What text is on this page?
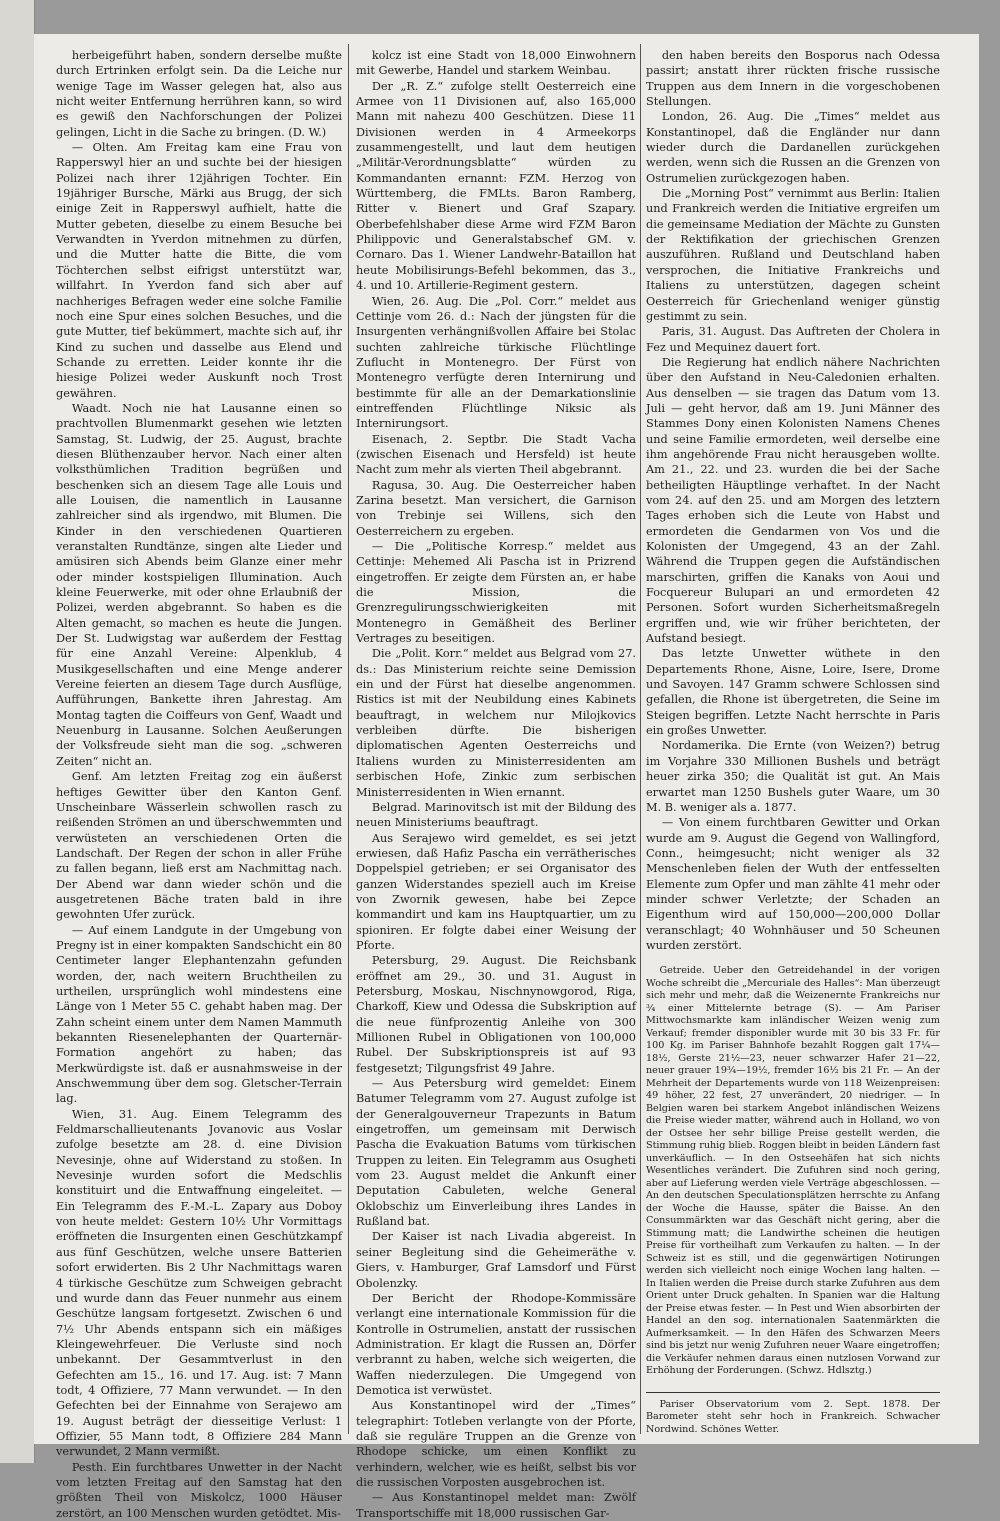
herbeigeführt haben, sondern derselbe mußte durch Ertrinken erfolgt sein. Da die Leiche nur wenige Tage im Wasser gelegen hat, also aus nicht weiter Entfernung herrühren kann, so wird es gewiß den Nachforschungen der Polizei gelingen, Licht in die Sache zu bringen. (D. W.)

— Olten. Am Freitag kam eine Frau von Rapperswyl hier an und suchte bei der hiesigen Polizei nach ihrer 12jährigen Tochter. Ein 19jähriger Bursche, Märki aus Brugg, der sich einige Zeit in Rapperswyl aufhielt, hatte die Mutter gebeten, dieselbe zu einem Besuche bei Verwandten in Yverdon mitnehmen zu dürfen, und die Mutter hatte die Bitte, die vom Töchterchen selbst eifrigst unterstützt war, willfahrt. In Yverdon fand sich aber auf nachheriges Befragen weder eine solche Familie noch eine Spur eines solchen Besuches, und die gute Mutter, tief bekümmert, machte sich auf, ihr Kind zu suchen und dasselbe aus Elend und Schande zu erretten. Leider konnte ihr die hiesige Polizei weder Auskunft noch Trost gewähren.

Waadt. Noch nie hat Lausanne einen so prachtvollen Blumenmarkt gesehen wie letzten Samstag, St. Ludwig, der 25. August, brachte diesen Blüthenzauber hervor. Nach einer alten volksthümlichen Tradition begrüßen und beschenken sich an diesem Tage alle Louis und alle Louisen, die namentlich in Lausanne zahlreicher sind als irgendwo, mit Blumen. Die Kinder in den verschiedenen Quartieren veranstalten Rundtänze, singen alte Lieder und amüsiren sich Abends beim Glanze einer mehr oder minder kostspieligen Illumination. Auch kleine Feuerwerke, mit oder ohne Erlaubniß der Polizei, werden abgebrannt. So haben es die Alten gemacht, so machen es heute die Jungen. Der St. Ludwigstag war außerdem der Festtag für eine Anzahl Vereine: Alpenklub, 4 Musikgesellschaften und eine Menge anderer Vereine feierten an diesem Tage durch Ausflüge, Aufführungen, Bankette ihren Jahrestag. Am Montag tagten die Coiffeurs von Genf, Waadt und Neuenburg in Lausanne. Solchen Aeußerungen der Volksfreude sieht man die sog. „schweren Zeiten“ nicht an.

Genf. Am letzten Freitag zog ein äußerst heftiges Gewitter über den Kanton Genf. Unscheinbare Wässerlein schwollen rasch zu reißenden Strömen an und überschwemmten und verwüsteten an verschiedenen Orten die Landschaft. Der Regen der schon in aller Frühe zu fallen begann, ließ erst am Nachmittag nach. Der Abend war dann wieder schön und die ausgetretenen Bäche traten bald in ihre gewohnten Ufer zurück.

— Auf einem Landgute in der Umgebung von Pregny ist in einer kompakten Sandschicht ein 80 Centimeter langer Elephantenzahn gefunden worden, der, nach weitern Bruchtheilen zu urtheilen, ursprünglich wohl mindestens eine Länge von 1 Meter 55 C. gehabt haben mag. Der Zahn scheint einem unter dem Namen Mammuth bekannten Riesenelephanten der Quarternär-Formation angehört zu haben; das Merkwürdigste ist. daß er ausnahmsweise in der Anschwemmung über dem sog. Gletscher-Terrain lag.

Wien, 31. Aug. Einem Telegramm des Feldmarschallieutenants Jovanovic aus Voslar zufolge besetzte am 28. d. eine Division Nevesinje, ohne auf Widerstand zu stoßen. In Nevesinje wurden sofort die Medschlis konstituirt und die Entwaffnung eingeleitet. — Ein Telegramm des F.-M.-L. Zapary aus Doboy von heute meldet: Gestern 10½ Uhr Vormittags eröffneten die Insurgenten einen Geschützkampf aus fünf Geschützen, welche unsere Batterien sofort erwiderten. Bis 2 Uhr Nachmittags waren 4 türkische Geschütze zum Schweigen gebracht und wurde dann das Feuer nunmehr aus einem Geschütze langsam fortgesetzt. Zwischen 6 und 7½ Uhr Abends entspann sich ein mäßiges Kleingewehrfeuer. Die Verluste sind noch unbekannt. Der Gesammtverlust in den Gefechten am 15., 16. und 17. Aug. ist: 7 Mann todt, 4 Offiziere, 77 Mann verwundet. — In den Gefechten bei der Einnahme von Serajewo am 19. August beträgt der diesseitige Verlust: 1 Offizier, 55 Mann todt, 8 Offiziere 284 Mann verwundet, 2 Mann vermißt.

Pesth. Ein furchtbares Unwetter in der Nacht vom letzten Freitag auf den Samstag hat den größten Theil von Miskolcz, 1000 Häuser zerstört, an 100 Menschen wurden getödtet. Mis-

kolcz ist eine Stadt von 18,000 Einwohnern mit Gewerbe, Handel und starkem Weinbau.

Der „R. Z.“ zufolge stellt Oesterreich eine Armee von 11 Divisionen auf, also 165,000 Mann mit nahezu 400 Geschützen. Diese 11 Divisionen werden in 4 Armeekorps zusammengestellt, und laut dem heutigen „Militär-Verordnungsblatte“ würden zu Kommandanten ernannt: FZM. Herzog von Württemberg, die FMLts. Baron Ramberg, Ritter v. Bienert und Graf Szapary. Oberbefehlshaber diese Arme wird FZM Baron Philippovic und Generalstabschef GM. v. Cornaro. Das 1. Wiener Landwehr-Bataillon hat heute Mobilisirungs-Befehl bekommen, das 3., 4. und 10. Artillerie-Regiment gestern.

Wien, 26. Aug. Die „Pol. Corr.“ meldet aus Cettinje vom 26. d.: Nach der jüngsten für die Insurgenten verhängnißvollen Affaire bei Stolac suchten zahlreiche türkische Flüchtlinge Zuflucht in Montenegro. Der Fürst von Montenegro verfügte deren Internirung und bestimmte für alle an der Demarkationslinie eintreffenden Flüchtlinge Niksic als Internirungsort.

Eisenach, 2. Septbr. Die Stadt Vacha (zwischen Eisenach und Hersfeld) ist heute Nacht zum mehr als vierten Theil abgebrannt.

Ragusa, 30. Aug. Die Oesterreicher haben Zarina besetzt. Man versichert, die Garnison von Trebinje sei Willens, sich den Oesterreichern zu ergeben.

— Die „Politische Korresp.“ meldet aus Cettinje: Mehemed Ali Pascha ist in Prizrend eingetroffen. Er zeigte dem Fürsten an, er habe die Mission, die Grenzregulirungsschwierigkeiten mit Montenegro in Gemäßheit des Berliner Vertrages zu beseitigen.

Die „Polit. Korr.“ meldet aus Belgrad vom 27. ds.: Das Ministerium reichte seine Demission ein und der Fürst hat dieselbe angenommen. Ristics ist mit der Neubildung eines Kabinets beauftragt, in welchem nur Milojkovics verbleiben dürfte. Die bisherigen diplomatischen Agenten Oesterreichs und Italiens wurden zu Ministerresidenten am serbischen Hofe, Zinkic zum serbischen Ministerresidenten in Wien ernannt.

Belgrad. Marinovitsch ist mit der Bildung des neuen Ministeriums beauftragt.

Aus Serajewo wird gemeldet, es sei jetzt erwiesen, daß Hafiz Pascha ein verrätherisches Doppelspiel getrieben; er sei Organisator des ganzen Widerstandes speziell auch im Kreise von Zwornik gewesen, habe bei Zepce kommandirt und kam ins Hauptquartier, um zu spioniren. Er folgte dabei einer Weisung der Pforte.

Petersburg, 29. August. Die Reichsbank eröffnet am 29., 30. und 31. August in Petersburg, Moskau, Nischnynowgorod, Riga, Charkoff, Kiew und Odessa die Subskription auf die neue fünfprozentig Anleihe von 300 Millionen Rubel in Obligationen von 100,000 Rubel. Der Subskriptionspreis ist auf 93 festgesetzt; Tilgungsfrist 49 Jahre.

— Aus Petersburg wird gemeldet: Einem Batumer Telegramm vom 27. August zufolge ist der Generalgouverneur Trapezunts in Batum eingetroffen, um gemeinsam mit Derwisch Pascha die Evakuation Batums vom türkischen Truppen zu leiten. Ein Telegramm aus Osugheti vom 23. August meldet die Ankunft einer Deputation Cabuleten, welche General Oklobschiz um Einverleibung ihres Landes in Rußland bat.

Der Kaiser ist nach Livadia abgereist. In seiner Begleitung sind die Geheimeräthe v. Giers, v. Hamburger, Graf Lamsdorf und Fürst Obolenzky.

Der Bericht der Rhodope-Kommissäre verlangt eine internationale Kommission für die Kontrolle in Ostrumelien, anstatt der russischen Administration. Er klagt die Russen an, Dörfer verbrannt zu haben, welche sich weigerten, die Waffen niederzulegen. Die Umgegend von Demotica ist verwüstet.

Aus Konstantinopel wird der „Times“ telegraphirt: Totleben verlangte von der Pforte, daß sie reguläre Truppen an die Grenze von Rhodope schicke, um einen Konflikt zu verhindern, welcher, wie es heißt, selbst bis vor die russischen Vorposten ausgebrochen ist.

— Aus Konstantinopel meldet man: Zwölf Transportschiffe mit 18,000 russischen Gar-

den haben bereits den Bosporus nach Odessa passirt; anstatt ihrer rückten frische russische Truppen aus dem Innern in die vorgeschobenen Stellungen.

London, 26. Aug. Die „Times“ meldet aus Konstantinopel, daß die Engländer nur dann wieder durch die Dardanellen zurückgehen werden, wenn sich die Russen an die Grenzen von Ostrumelien zurückgezogen haben.

Die „Morning Post“ vernimmt aus Berlin: Italien und Frankreich werden die Initiative ergreifen um die gemeinsame Mediation der Mächte zu Gunsten der Rektifikation der griechischen Grenzen auszuführen. Rußland und Deutschland haben versprochen, die Initiative Frankreichs und Italiens zu unterstützen, dagegen scheint Oesterreich für Griechenland weniger günstig gestimmt zu sein.

Paris, 31. August. Das Auftreten der Cholera in Fez und Mequinez dauert fort.

Die Regierung hat endlich nähere Nachrichten über den Aufstand in Neu-Caledonien erhalten. Aus denselben — sie tragen das Datum vom 13. Juli — geht hervor, daß am 19. Juni Männer des Stammes Dony einen Kolonisten Namens Chenes und seine Familie ermordeten, weil derselbe eine ihm angehörende Frau nicht herausgeben wollte. Am 21., 22. und 23. wurden die bei der Sache betheiligten Häuptlinge verhaftet. In der Nacht vom 24. auf den 25. und am Morgen des letztern Tages erhoben sich die Leute von Habst und ermordeten die Gendarmen von Vos und die Kolonisten der Umgegend, 43 an der Zahl. Während die Truppen gegen die Aufständischen marschirten, griffen die Kanaks von Aoui und Focquereur Bulupari an und ermordeten 42 Personen. Sofort wurden Sicherheitsmaßregeln ergriffen und, wie wir früher berichteten, der Aufstand besiegt.

Das letzte Unwetter wüthete in den Departements Rhone, Aisne, Loire, Isere, Drome und Savoyen. 147 Gramm schwere Schlossen sind gefallen, die Rhone ist übergetreten, die Seine im Steigen begriffen. Letzte Nacht herrschte in Paris ein großes Unwetter.

Nordamerika. Die Ernte (von Weizen?) betrug im Vorjahre 330 Millionen Bushels und beträgt heuer zirka 350; die Qualität ist gut. An Mais erwartet man 1250 Bushels guter Waare, um 30 M. B. weniger als a. 1877.

— Von einem furchtbaren Gewitter und Orkan wurde am 9. August die Gegend von Wallingford, Conn., heimgesucht; nicht weniger als 32 Menschenleben fielen der Wuth der entfesselten Elemente zum Opfer und man zählte 41 mehr oder minder schwer Verletzte; der Schaden an Eigenthum wird auf 150,000—200,000 Dollar veranschlagt; 40 Wohnhäuser und 50 Scheunen wurden zerstört.

Getreide. Ueber den Getreidehandel in der vorigen Woche schreibt die „Mercuriale des Halles“: Man überzeugt sich mehr und mehr, daß die Weizenernte Frankreichs nur ¾ einer Mittelernte betrage (S). — Am Pariser Mittwochsmarkte kam inländischer Weizen wenig zum Verkauf; fremder disponibler wurde mit 30 bis 33 Fr. für 100 Kg. im Pariser Bahnhofe bezahlt Roggen galt 17¼—18½, Gerste 21½—23, neuer schwarzer Hafer 21—22, neuer grauer 19¾—19½, fremder 16½ bis 21 Fr. — An der Mehrheit der Departements wurde von 118 Weizenpreisen: 49 höher, 22 fest, 27 unverändert, 20 niedriger. — In Belgien waren bei starkem Angebot inländischen Weizens die Preise wieder matter, während auch in Holland, wo von der Ostsee her sehr billige Preise gestellt werden, die Stimmung ruhig blieb. Roggen bleibt in beiden Ländern fast unverkäuflich. — In den Ostseehäfen hat sich nichts Wesentliches verändert. Die Zufuhren sind noch gering, aber auf Lieferung werden viele Verträge abgeschlossen. — An den deutschen Speculationsplätzen herrschte zu Anfang der Woche die Hausse, später die Baisse. An den Consummärkten war das Geschäft nicht gering, aber die Stimmung matt; die Landwirthe scheinen die heutigen Preise für vortheilhaft zum Verkaufen zu halten. — In der Schweiz ist es still, und die gegenwärtigen Notirungen werden sich vielleicht noch einige Wochen lang halten. — In Italien werden die Preise durch starke Zufuhren aus dem Orient unter Druck gehalten. In Spanien war die Haltung der Preise etwas fester. — In Pest und Wien absorbirten der Handel an den sog. internationalen Saatenmärkten die Aufmerksamkeit. — In den Häfen des Schwarzen Meers sind bis jetzt nur wenig Zufuhren neuer Waare eingetroffen; die Verkäufer nehmen daraus einen nutzlosen Vorwand zur Erhöhung der Forderungen. (Schwz. Hdlsztg.)

Pariser Observatorium vom 2. Sept. 1878. Der Barometer steht sehr hoch in Frankreich. Schwacher Nordwind. Schönes Wetter.
